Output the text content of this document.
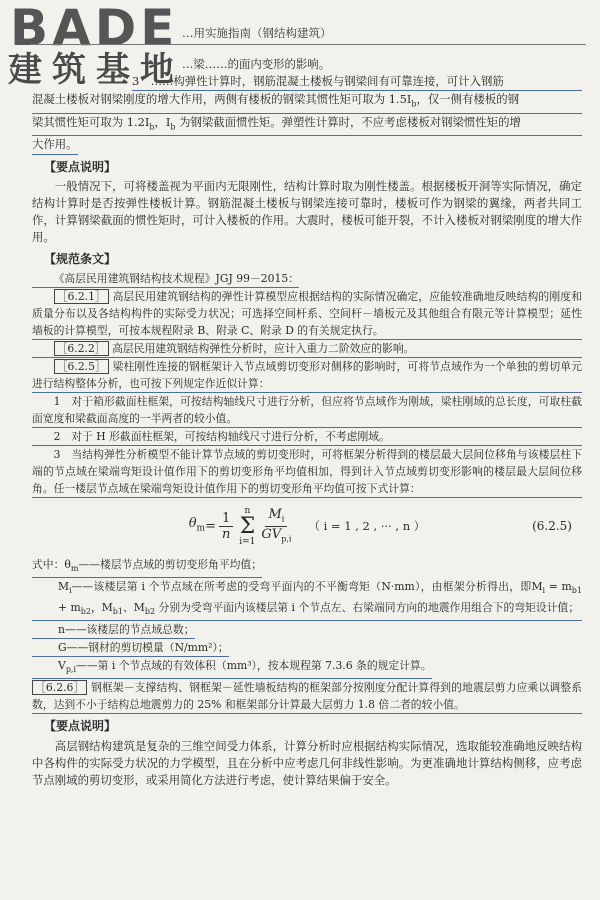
BADE
建筑基地
…用实施指南（钢结构建筑）

…梁……的面内变形的影响。

3　……构弹性计算时，钢筋混凝土楼板与钢梁间有可靠连接，可计入钢筋

混凝土楼板对钢梁刚度的增大作用，两侧有楼板的钢梁其惯性矩可取为 $1.5I_b$，仅一侧有楼板的钢

梁其惯性矩可取为 $1.2I_b$，$I_b$ 为钢梁截面惯性矩。弹塑性计算时，不应考虑楼板对钢梁惯性矩的增

大作用。

【要点说明】

一般情况下，可将楼盖视为平面内无限刚性，结构计算时取为刚性楼盖。根据楼板开洞等实际情况，确定结构计算时是否按弹性楼板计算。钢筋混凝土楼板与钢梁连接可靠时，楼板可作为钢梁的翼缘，两者共同工作，计算钢梁截面的惯性矩时，可计入楼板的作用。大震时，楼板可能开裂，不计入楼板对钢梁刚度的增大作用。

【规范条文】

《高层民用建筑钢结构技术规程》JGJ 99－2015：

［6.2.1］ 高层民用建筑钢结构的弹性计算模型应根据结构的实际情况确定，应能较准确地反映结构的刚度和质量分布以及各结构构件的实际受力状况；可选择空间杆系、空间杆－墙板元及其他组合有限元等计算模型；延性墙板的计算模型，可按本规程附录 B、附录 C、附录 D 的有关规定执行。

［6.2.2］ 高层民用建筑钢结构弹性分析时，应计入重力二阶效应的影响。

［6.2.5］ 梁柱刚性连接的钢框架计入节点域剪切变形对侧移的影响时，可将节点域作为一个单独的剪切单元进行结构整体分析，也可按下列规定作近似计算：

1　对于箱形截面柱框架，可按结构轴线尺寸进行分析，但应将节点域作为刚域，梁柱刚域的总长度，可取柱截面宽度和梁截面高度的一半两者的较小值。

2　对于 H 形截面柱框架，可按结构轴线尺寸进行分析，不考虑刚域。

3　当结构弹性分析模型不能计算节点域的剪切变形时，可将框架分析得到的楼层最大层间位移角与该楼层柱下端的节点域在梁端弯矩设计值作用下的剪切变形角平均值相加，得到计入节点域剪切变形影响的楼层最大层间位移角。任一楼层节点域在梁端弯矩设计值作用下的剪切变形角平均值可按下式计算：

$\theta_m = \frac{1}{n}$
n
Σ
$i=1 \frac{M_i}{GV_{p,i}}$ （ i = 1 , 2 , ··· , n ）	(6.2.5)

式中：$\theta_m——$楼层节点域的剪切变形角平均值；

$M_i——$该楼层第 i 个节点域在所考虑的受弯平面内的不平衡弯矩（N·mm），由框架分析得出，即$M_i = m_{b1} + m_{b2}$，$M_{b1}$、$M_{b2}$ 分别为受弯平面内该楼层第 i 个节点左、右梁端同方向的地震作用组合下的弯矩设计值；

n——该楼层的节点域总数；

G——钢材的剪切模量（N/mm²）；

$V_{p,i}——$第 i 个节点域的有效体积（mm³），按本规程第 7.3.6 条的规定计算。

［6.2.6］ 钢框架－支撑结构、钢框架－延性墙板结构的框架部分按刚度分配计算得到的地震层剪力应乘以调整系数，达到不小于结构总地震剪力的 25% 和框架部分计算最大层剪力 1.8 倍二者的较小值。

【要点说明】

高层钢结构建筑是复杂的三维空间受力体系，计算分析时应根据结构实际情况，选取能较准确地反映结构中各构件的实际受力状况的力学模型，且在分析中应考虑几何非线性影响。为更准确地计算结构侧移，应考虑节点刚域的剪切变形，或采用简化方法进行考虑，使计算结果偏于安全。
